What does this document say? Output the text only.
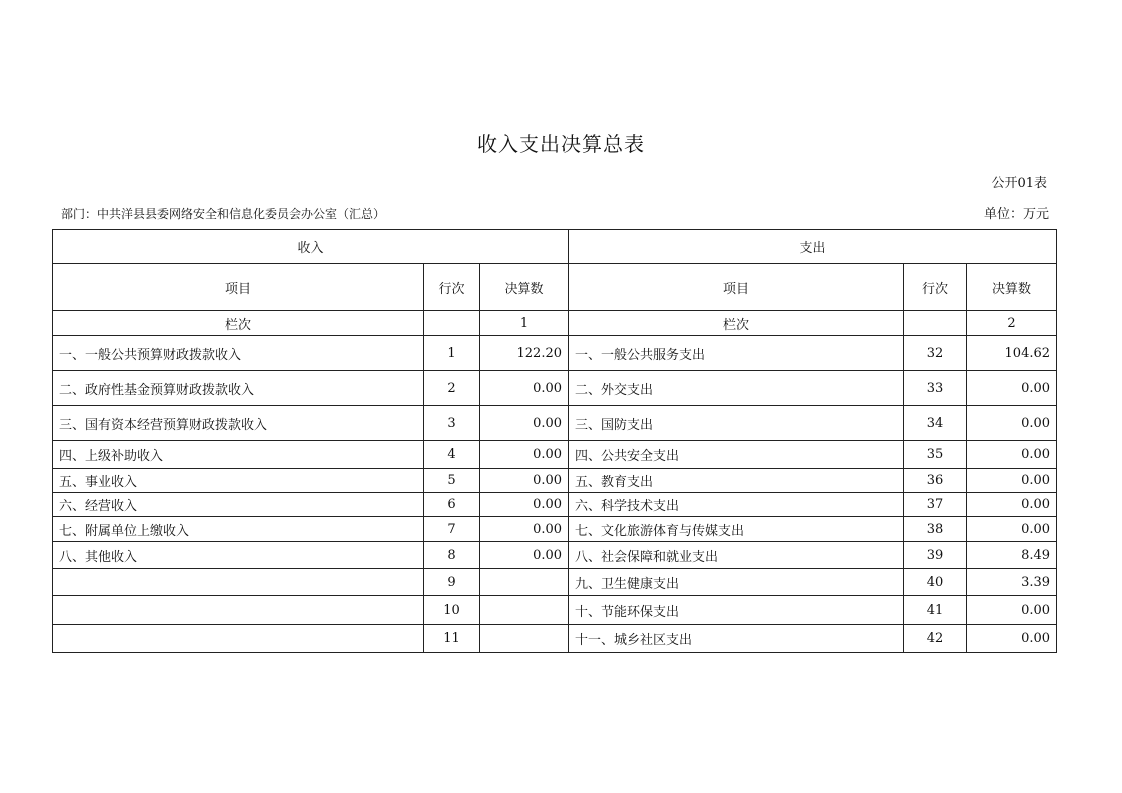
收入支出决算总表
公开01表
部门：中共洋县县委网络安全和信息化委员会办公室（汇总）	单位：万元
收入			支出		
项目	行次	决算数	项目	行次	决算数
栏次		1	栏次		2
一、一般公共预算财政拨款收入	1	122.20	一、一般公共服务支出	32	104.62
二、政府性基金预算财政拨款收入	2	0.00	二、外交支出	33	0.00
三、国有资本经营预算财政拨款收入	3	0.00	三、国防支出	34	0.00
四、上级补助收入	4	0.00	四、公共安全支出	35	0.00
五、事业收入	5	0.00	五、教育支出	36	0.00
六、经营收入	6	0.00	六、科学技术支出	37	0.00
七、附属单位上缴收入	7	0.00	七、文化旅游体育与传媒支出	38	0.00
八、其他收入	8	0.00	八、社会保障和就业支出	39	8.49
	9		九、卫生健康支出	40	3.39
	10		十、节能环保支出	41	0.00
	11		十一、城乡社区支出	42	0.00
